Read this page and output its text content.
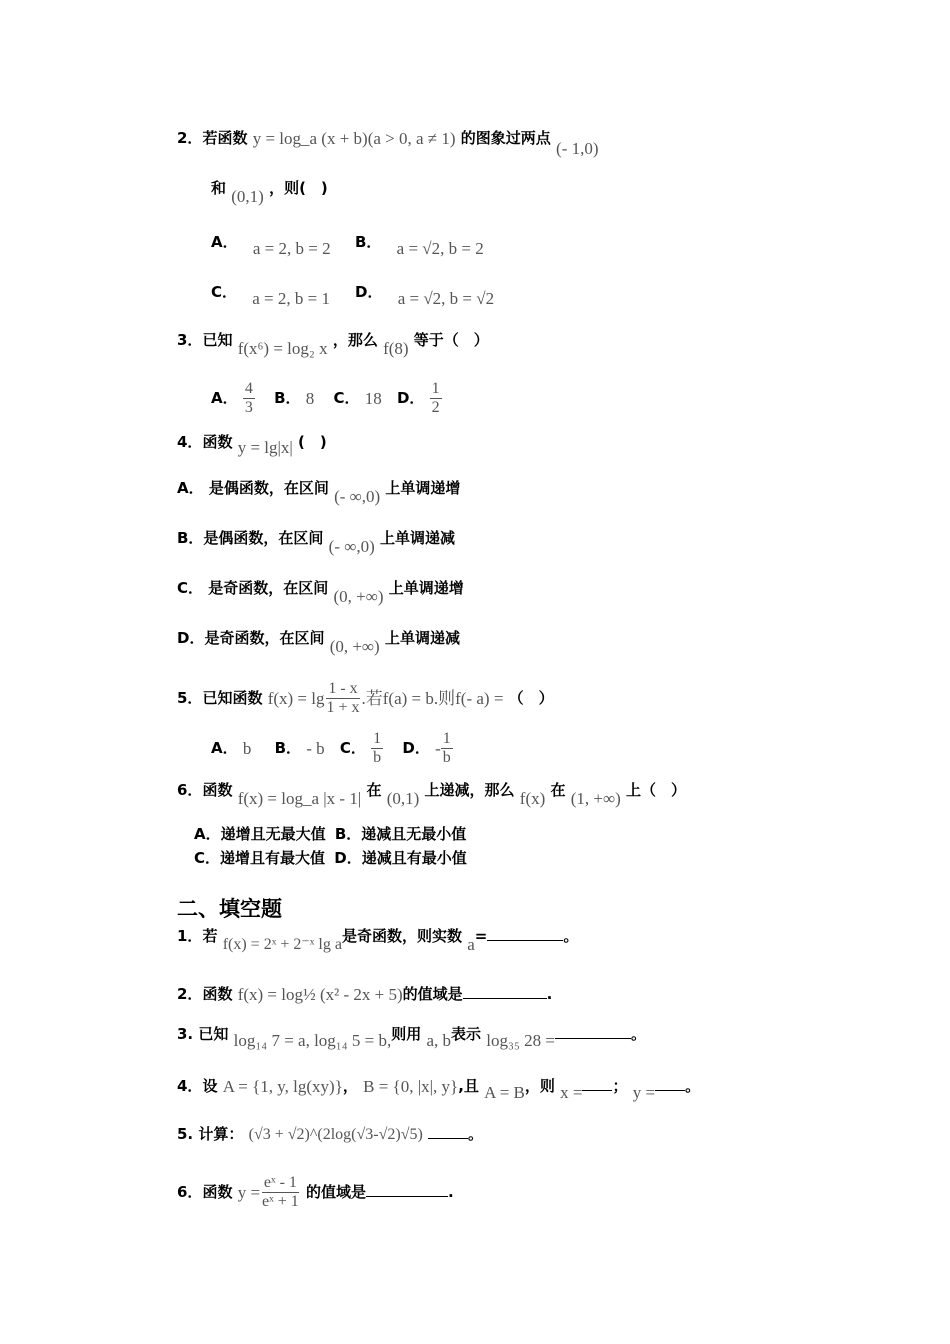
2．若函数 y = log_a (x + b)(a > 0, a ≠ 1) 的图象过两点 (- 1,0)
和 (0,1) ，则(　)
A． a = 2, b = 2 B． a = √2, b = 2
C． a = 2, b = 1 D． a = √2, b = √2
3．已知 f(x⁶) = log₂ x ，那么 f(8) 等于（　）
A． $\frac{4}{3}$ B． 8 C． 18 D． $\frac{1}{2}$
4．函数 y = lg|x| (　)
A． 是偶函数，在区间 (- ∞,0) 上单调递增
B．是偶函数，在区间 (- ∞,0) 上单调递减
C． 是奇函数，在区间 (0, +∞) 上单调递增
D．是奇函数，在区间 (0, +∞) 上单调递减
5．已知函数 $f(x) = \lg \frac{1 - x}{1 + x}$ .若f(a) = b.则f(- a) = （　）
A． b B． - b C． $\frac{1}{b}$ D． - $\frac{1}{b}$
6．函数 f(x) = log_a |x - 1| 在 (0,1) 上递减，那么 f(x) 在 (1, +∞) 上（　）
A．递增且无最大值 B．递减且无最小值
C．递增且有最大值 D．递减且有最小值
二、填空题
1．若 f(x) = 2ˣ + 2⁻ˣ lg a是奇函数，则实数 a=	。
2．函数 f(x) = log½ (x² - 2x + 5)的值域是	.
3. 已知 log₁₄ 7 = a, log₁₄ 5 = b,则用 a, b表示 log₃₅ 28 =	。
4．设 A = {1, y, lg(xy)}， B = {0, |x|, y},且 A = B，则 x = ； y = 。
5. 计算： (√3 + √2)^(2log(√3-√2)√5)	。
6．函数 $y = \frac{\text{eˣ - 1}}{\text{eˣ + 1}}$ 的值域是	.
